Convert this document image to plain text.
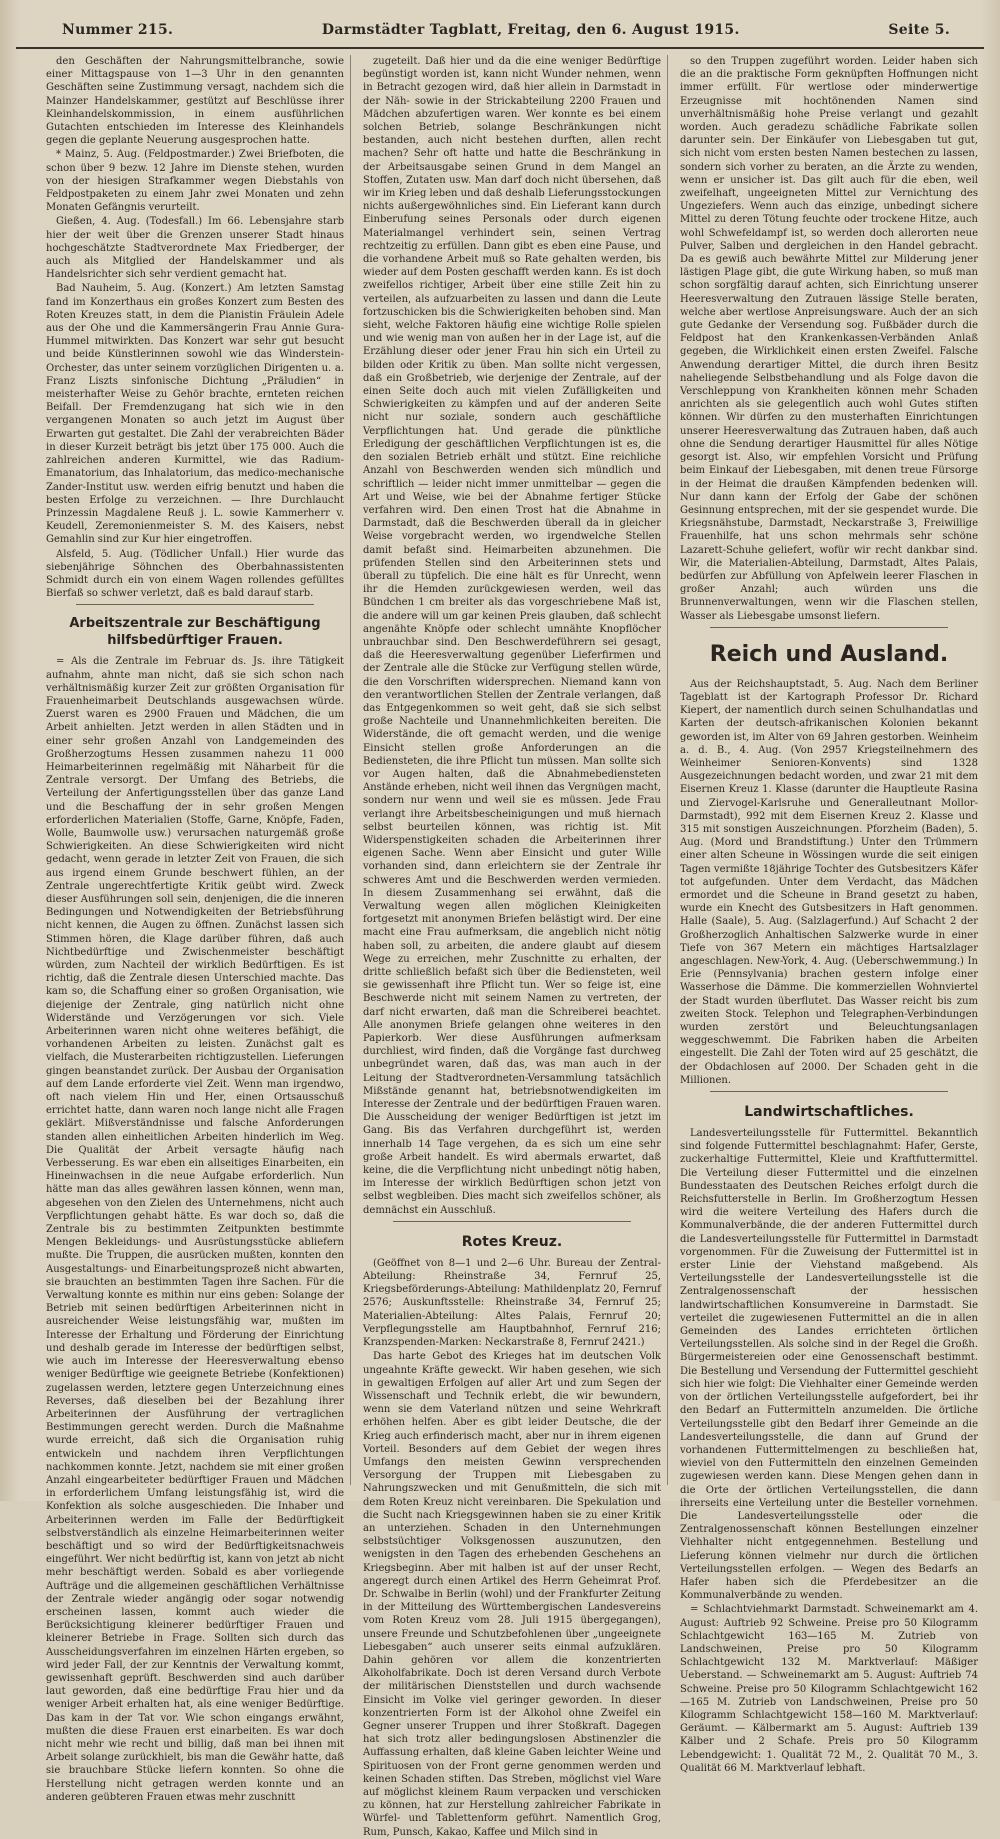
Nummer 215.	Darmstädter Tagblatt, Freitag, den 6. August 1915.	Seite 5.

den Geschäften der Nahrungsmittelbranche, sowie einer Mittagspause von 1—3 Uhr in den genannten Geschäften seine Zustimmung versagt, nachdem sich die Mainzer Handelskammer, gestützt auf Beschlüsse ihrer Kleinhandelskommission, in einem ausführlichen Gutachten entschieden im Interesse des Kleinhandels gegen die geplante Neuerung ausgesprochen hatte.

* Mainz, 5. Aug. (Feldpostmarder.) Zwei Briefboten, die schon über 9 bezw. 12 Jahre im Dienste stehen, wurden von der hiesigen Strafkammer wegen Diebstahls von Feldpostpaketen zu einem Jahr zwei Monaten und zehn Monaten Gefängnis verurteilt.

Gießen, 4. Aug. (Todesfall.) Im 66. Lebensjahre starb hier der weit über die Grenzen unserer Stadt hinaus hochgeschätzte Stadtverordnete Max Friedberger, der auch als Mitglied der Handelskammer und als Handelsrichter sich sehr verdient gemacht hat.

Bad Nauheim, 5. Aug. (Konzert.) Am letzten Samstag fand im Konzerthaus ein großes Konzert zum Besten des Roten Kreuzes statt, in dem die Pianistin Fräulein Adele aus der Ohe und die Kammersängerin Frau Annie Gura-Hummel mitwirkten. Das Konzert war sehr gut besucht und beide Künstlerinnen sowohl wie das Winderstein-Orchester, das unter seinem vorzüglichen Dirigenten u. a. Franz Liszts sinfonische Dichtung „Präludien“ in meisterhafter Weise zu Gehör brachte, ernteten reichen Beifall. Der Fremdenzugang hat sich wie in den vergangenen Monaten so auch jetzt im August über Erwarten gut gestaltet. Die Zahl der verabreichten Bäder in dieser Kurzeit beträgt bis jetzt über 175 000. Auch die zahlreichen anderen Kurmittel, wie das Radium-Emanatorium, das Inhalatorium, das medico-mechanische Zander-Institut usw. werden eifrig benutzt und haben die besten Erfolge zu verzeichnen. — Ihre Durchlaucht Prinzessin Magdalene Reuß j. L. sowie Kammerherr v. Keudell, Zeremonienmeister S. M. des Kaisers, nebst Gemahlin sind zur Kur hier eingetroffen.

Alsfeld, 5. Aug. (Tödlicher Unfall.) Hier wurde das siebenjährige Söhnchen des Oberbahnassistenten Schmidt durch ein von einem Wagen rollendes gefülltes Bierfaß so schwer verletzt, daß es bald darauf starb.

Arbeitszentrale zur Beschäftigung hilfsbedürftiger Frauen.

= Als die Zentrale im Februar ds. Js. ihre Tätigkeit aufnahm, ahnte man nicht, daß sie sich schon nach verhältnismäßig kurzer Zeit zur größten Organisation für Frauenheimarbeit Deutschlands ausgewachsen würde. Zuerst waren es 2900 Frauen und Mädchen, die um Arbeit anhielten. Jetzt werden in allen Städten und in einer sehr großen Anzahl von Landgemeinden des Großherzogtums Hessen zusammen nahezu 11 000 Heimarbeiterinnen regelmäßig mit Näharbeit für die Zentrale versorgt. Der Umfang des Betriebs, die Verteilung der Anfertigungsstellen über das ganze Land und die Beschaffung der in sehr großen Mengen erforderlichen Materialien (Stoffe, Garne, Knöpfe, Faden, Wolle, Baumwolle usw.) verursachen naturgemäß große Schwierigkeiten. An diese Schwierigkeiten wird nicht gedacht, wenn gerade in letzter Zeit von Frauen, die sich aus irgend einem Grunde beschwert fühlen, an der Zentrale ungerechtfertigte Kritik geübt wird. Zweck dieser Ausführungen soll sein, denjenigen, die die inneren Bedingungen und Notwendigkeiten der Betriebsführung nicht kennen, die Augen zu öffnen. Zunächst lassen sich Stimmen hören, die Klage darüber führen, daß auch Nichtbedürftige und Zwischenmeister beschäftigt würden, zum Nachteil der wirklich Bedürftigen. Es ist richtig, daß die Zentrale diesen Unterschied machte. Das kam so, die Schaffung einer so großen Organisation, wie diejenige der Zentrale, ging natürlich nicht ohne Widerstände und Verzögerungen vor sich. Viele Arbeiterinnen waren nicht ohne weiteres befähigt, die vorhandenen Arbeiten zu leisten. Zunächst galt es vielfach, die Musterarbeiten richtigzustellen. Lieferungen gingen beanstandet zurück. Der Ausbau der Organisation auf dem Lande erforderte viel Zeit. Wenn man irgendwo, oft nach vielem Hin und Her, einen Ortsausschuß errichtet hatte, dann waren noch lange nicht alle Fragen geklärt. Mißverständnisse und falsche Anforderungen standen allen einheitlichen Arbeiten hinderlich im Weg. Die Qualität der Arbeit versagte häufig nach Verbesserung. Es war eben ein allseitiges Einarbeiten, ein Hineinwachsen in die neue Aufgabe erforderlich. Nun hätte man das alles gewähren lassen können, wenn man, abgesehen von den Zielen des Unternehmens, nicht auch Verpflichtungen gehabt hätte. Es war doch so, daß die Zentrale bis zu bestimmten Zeitpunkten bestimmte Mengen Bekleidungs- und Ausrüstungsstücke abliefern mußte. Die Truppen, die ausrücken mußten, konnten den Ausgestaltungs- und Einarbeitungsprozeß nicht abwarten, sie brauchten an bestimmten Tagen ihre Sachen. Für die Verwaltung konnte es mithin nur eins geben: Solange der Betrieb mit seinen bedürftigen Arbeiterinnen nicht in ausreichender Weise leistungsfähig war, mußten im Interesse der Erhaltung und Förderung der Einrichtung und deshalb gerade im Interesse der bedürftigen selbst, wie auch im Interesse der Heeresverwaltung ebenso weniger Bedürftige wie geeignete Betriebe (Konfektionen) zugelassen werden, letztere gegen Unterzeichnung eines Reverses, daß dieselben bei der Bezahlung ihrer Arbeiterinnen der Ausführung der vertraglichen Bestimmungen gerecht werden. Durch die Maßnahme wurde erreicht, daß sich die Organisation ruhig entwickeln und nachdem ihren Verpflichtungen nachkommen konnte. Jetzt, nachdem sie mit einer großen Anzahl eingearbeiteter bedürftiger Frauen und Mädchen in erforderlichem Umfang leistungsfähig ist, wird die Konfektion als solche ausgeschieden. Die Inhaber und Arbeiterinnen werden im Falle der Bedürftigkeit selbstverständlich als einzelne Heimarbeiterinnen weiter beschäftigt und so wird der Bedürftigkeitsnachweis eingeführt. Wer nicht bedürftig ist, kann von jetzt ab nicht mehr beschäftigt werden. Sobald es aber vorliegende Aufträge und die allgemeinen geschäftlichen Verhältnisse der Zentrale wieder angängig oder sogar notwendig erscheinen lassen, kommt auch wieder die Berücksichtigung kleinerer bedürftiger Frauen und kleinerer Betriebe in Frage. Sollten sich durch das Ausscheidungsverfahren im einzelnen Härten ergeben, so wird jeder Fall, der zur Kenntnis der Verwaltung kommt, gewissenhaft geprüft. Beschwerden sind auch darüber laut geworden, daß eine bedürftige Frau hier und da weniger Arbeit erhalten hat, als eine weniger Bedürftige. Das kam in der Tat vor. Wie schon eingangs erwähnt, mußten die diese Frauen erst einarbeiten. Es war doch nicht mehr wie recht und billig, daß man bei ihnen mit Arbeit solange zurückhielt, bis man die Gewähr hatte, daß sie brauchbare Stücke liefern konnten. So ohne die Herstellung nicht getragen werden konnte und an anderen geübteren Frauen etwas mehr zuschnitt

zugeteilt. Daß hier und da die eine weniger Bedürftige begünstigt worden ist, kann nicht Wunder nehmen, wenn in Betracht gezogen wird, daß hier allein in Darmstadt in der Näh- sowie in der Strickabteilung 2200 Frauen und Mädchen abzufertigen waren. Wer konnte es bei einem solchen Betrieb, solange Beschränkungen nicht bestanden, auch nicht bestehen durften, allen recht machen? Sehr oft hatte und hatte die Beschränkung in der Arbeitsausgabe seinen Grund in dem Mangel an Stoffen, Zutaten usw. Man darf doch nicht übersehen, daß wir im Krieg leben und daß deshalb Lieferungsstockungen nichts außergewöhnliches sind. Ein Lieferant kann durch Einberufung seines Personals oder durch eigenen Materialmangel verhindert sein, seinen Vertrag rechtzeitig zu erfüllen. Dann gibt es eben eine Pause, und die vorhandene Arbeit muß so Rate gehalten werden, bis wieder auf dem Posten geschafft werden kann. Es ist doch zweifellos richtiger, Arbeit über eine stille Zeit hin zu verteilen, als aufzuarbeiten zu lassen und dann die Leute fortzuschicken bis die Schwierigkeiten behoben sind. Man sieht, welche Faktoren häufig eine wichtige Rolle spielen und wie wenig man von außen her in der Lage ist, auf die Erzählung dieser oder jener Frau hin sich ein Urteil zu bilden oder Kritik zu üben. Man sollte nicht vergessen, daß ein Großbetrieb, wie derjenige der Zentrale, auf der einen Seite doch auch mit vielen Zufälligkeiten und Schwierigkeiten zu kämpfen und auf der anderen Seite nicht nur soziale, sondern auch geschäftliche Verpflichtungen hat. Und gerade die pünktliche Erledigung der geschäftlichen Verpflichtungen ist es, die den sozialen Betrieb erhält und stützt. Eine reichliche Anzahl von Beschwerden wenden sich mündlich und schriftlich — leider nicht immer unmittelbar — gegen die Art und Weise, wie bei der Abnahme fertiger Stücke verfahren wird. Den einen Trost hat die Abnahme in Darmstadt, daß die Beschwerden überall da in gleicher Weise vorgebracht werden, wo irgendwelche Stellen damit befaßt sind. Heimarbeiten abzunehmen. Die prüfenden Stellen sind den Arbeiterinnen stets und überall zu tüpfelich. Die eine hält es für Unrecht, wenn ihr die Hemden zurückgewiesen werden, weil das Bündchen 1 cm breiter als das vorgeschriebene Maß ist, die andere will um gar keinen Preis glauben, daß schlecht angenähte Knöpfe oder schlecht umnähte Knopflöcher unbrauchbar sind. Den Beschwerdeführern sei gesagt, daß die Heeresverwaltung gegenüber Lieferfirmen und der Zentrale alle die Stücke zur Verfügung stellen würde, die den Vorschriften widersprechen. Niemand kann von den verantwortlichen Stellen der Zentrale verlangen, daß das Entgegenkommen so weit geht, daß sie sich selbst große Nachteile und Unannehmlichkeiten bereiten. Die Widerstände, die oft gemacht werden, und die wenige Einsicht stellen große Anforderungen an die Bediensteten, die ihre Pflicht tun müssen. Man sollte sich vor Augen halten, daß die Abnahmebediensteten Anstände erheben, nicht weil ihnen das Vergnügen macht, sondern nur wenn und weil sie es müssen. Jede Frau verlangt ihre Arbeitsbescheinigungen und muß hiernach selbst beurteilen können, was richtig ist. Mit Widerspenstigkeiten schaden die Arbeiterinnen ihrer eigenen Sache. Wenn aber Einsicht und guter Wille vorhanden sind, dann erleichtern sie der Zentrale ihr schweres Amt und die Beschwerden werden vermieden. In diesem Zusammenhang sei erwähnt, daß die Verwaltung wegen allen möglichen Kleinigkeiten fortgesetzt mit anonymen Briefen belästigt wird. Der eine macht eine Frau aufmerksam, die angeblich nicht nötig haben soll, zu arbeiten, die andere glaubt auf diesem Wege zu erreichen, mehr Zuschnitte zu erhalten, der dritte schließlich befaßt sich über die Bediensteten, weil sie gewissenhaft ihre Pflicht tun. Wer so feige ist, eine Beschwerde nicht mit seinem Namen zu vertreten, der darf nicht erwarten, daß man die Schreiberei beachtet. Alle anonymen Briefe gelangen ohne weiteres in den Papierkorb. Wer diese Ausführungen aufmerksam durchliest, wird finden, daß die Vorgänge fast durchweg unbegründet waren, daß das, was man auch in der Leitung der Stadtverordneten-Versammlung tatsächlich Mißstände genannt hat, betriebsnotwendigkeiten im Interesse der Zentrale und der bedürftigen Frauen waren. Die Ausscheidung der weniger Bedürftigen ist jetzt im Gang. Bis das Verfahren durchgeführt ist, werden innerhalb 14 Tage vergehen, da es sich um eine sehr große Arbeit handelt. Es wird abermals erwartet, daß keine, die die Verpflichtung nicht unbedingt nötig haben, im Interesse der wirklich Bedürftigen schon jetzt von selbst wegbleiben. Dies macht sich zweifellos schöner, als demnächst ein Ausschluß.

Rotes Kreuz.

(Geöffnet von 8—1 und 2—6 Uhr. Bureau der Zentral-Abteilung: Rheinstraße 34, Fernruf 25, Kriegsbeförderungs-Abteilung: Mathildenplatz 20, Fernruf 2576; Auskunftsstelle: Rheinstraße 34, Fernruf 25; Materialien-Abteilung: Altes Palais, Fernruf 20; Verpflegungsstelle am Hauptbahnhof, Fernruf 216; Kranzspenden-Marken: Neckarstraße 8, Fernruf 2421.)

Das harte Gebot des Krieges hat im deutschen Volk ungeahnte Kräfte geweckt. Wir haben gesehen, wie sich in gewaltigen Erfolgen auf aller Art und zum Segen der Wissenschaft und Technik erlebt, die wir bewundern, wenn sie dem Vaterland nützen und seine Wehrkraft erhöhen helfen. Aber es gibt leider Deutsche, die der Krieg auch erfinderisch macht, aber nur in ihrem eigenen Vorteil. Besonders auf dem Gebiet der wegen ihres Umfangs den meisten Gewinn versprechenden Versorgung der Truppen mit Liebesgaben zu Nahrungszwecken und mit Genußmitteln, die sich mit dem Roten Kreuz nicht vereinbaren. Die Spekulation und die Sucht nach Kriegsgewinnen haben sie zu einer Kritik an unterziehen. Schaden in den Unternehmungen selbstsüchtiger Volksgenossen auszunutzen, den wenigsten in den Tagen des erhebenden Geschehens an Kriegsbeginn. Aber mit halben ist auf der unser Recht, angeregt durch einen Artikel des Herrn Geheimrat Prof. Dr. Schwalbe in Berlin (wohl) und der Frankfurter Zeitung in der Mitteilung des Württembergischen Landesvereins vom Roten Kreuz vom 28. Juli 1915 übergegangen), unsere Freunde und Schutzbefohlenen über „ungeeignete Liebesgaben“ auch unserer seits einmal aufzuklären. Dahin gehören vor allem die konzentrierten Alkoholfabrikate. Doch ist deren Versand durch Verbote der militärischen Dienststellen und durch wachsende Einsicht im Volke viel geringer geworden. In dieser konzentrierten Form ist der Alkohol ohne Zweifel ein Gegner unserer Truppen und ihrer Stoßkraft. Dagegen hat sich trotz aller bedingungslosen Abstinenzler die Auffassung erhalten, daß kleine Gaben leichter Weine und Spirituosen von der Front gerne genommen werden und keinen Schaden stiften. Das Streben, möglichst viel Ware auf möglichst kleinem Raum verpacken und verschicken zu können, hat zur Herstellung zahlreicher Fabrikate in Würfel- und Tablettenform geführt. Namentlich Grog, Rum, Punsch, Kakao, Kaffee und Milch sind in

so den Truppen zugeführt worden. Leider haben sich die an die praktische Form geknüpften Hoffnungen nicht immer erfüllt. Für wertlose oder minderwertige Erzeugnisse mit hochtönenden Namen sind unverhältnismäßig hohe Preise verlangt und gezahlt worden. Auch geradezu schädliche Fabrikate sollen darunter sein. Der Einkäufer von Liebesgaben tut gut, sich nicht vom ersten besten Namen bestechen zu lassen, sondern sich vorher zu beraten, an die Ärzte zu wenden, wenn er unsicher ist. Das gilt auch für die eben, weil zweifelhaft, ungeeigneten Mittel zur Vernichtung des Ungeziefers. Wenn auch das einzige, unbedingt sichere Mittel zu deren Tötung feuchte oder trockene Hitze, auch wohl Schwefeldampf ist, so werden doch allerorten neue Pulver, Salben und dergleichen in den Handel gebracht. Da es gewiß auch bewährte Mittel zur Milderung jener lästigen Plage gibt, die gute Wirkung haben, so muß man schon sorgfältig darauf achten, sich Einrichtung unserer Heeresverwaltung den Zutrauen lässige Stelle beraten, welche aber wertlose Anpreisungsware. Auch der an sich gute Gedanke der Versendung sog. Fußbäder durch die Feldpost hat den Krankenkassen-Verbänden Anlaß gegeben, die Wirklichkeit einen ersten Zweifel. Falsche Anwendung derartiger Mittel, die durch ihren Besitz naheliegende Selbstbehandlung und als Folge davon die Verschleppung von Krankheiten können mehr Schaden anrichten als sie gelegentlich auch wohl Gutes stiften können. Wir dürfen zu den musterhaften Einrichtungen unserer Heeresverwaltung das Zutrauen haben, daß auch ohne die Sendung derartiger Hausmittel für alles Nötige gesorgt ist. Also, wir empfehlen Vorsicht und Prüfung beim Einkauf der Liebesgaben, mit denen treue Fürsorge in der Heimat die draußen Kämpfenden bedenken will. Nur dann kann der Erfolg der Gabe der schönen Gesinnung entsprechen, mit der sie gespendet wurde. Die Kriegsnähstube, Darmstadt, Neckarstraße 3, Freiwillige Frauenhilfe, hat uns schon mehrmals sehr schöne Lazarett-Schuhe geliefert, wofür wir recht dankbar sind. Wir, die Materialien-Abteilung, Darmstadt, Altes Palais, bedürfen zur Abfüllung von Apfelwein leerer Flaschen in großer Anzahl; auch würden uns die Brunnenverwaltungen, wenn wir die Flaschen stellen, Wasser als Liebesgabe umsonst liefern.

Reich und Ausland.

Aus der Reichshauptstadt, 5. Aug. Nach dem Berliner Tageblatt ist der Kartograph Professor Dr. Richard Kiepert, der namentlich durch seinen Schulhandatlas und Karten der deutsch-afrikanischen Kolonien bekannt geworden ist, im Alter von 69 Jahren gestorben. Weinheim a. d. B., 4. Aug. (Von 2957 Kriegsteilnehmern des Weinheimer Senioren-Konvents) sind 1328 Ausgezeichnungen bedacht worden, und zwar 21 mit dem Eisernen Kreuz 1. Klasse (darunter die Hauptleute Rasina und Ziervogel-Karlsruhe und Generalleutnant Mollor-Darmstadt), 992 mit dem Eisernen Kreuz 2. Klasse und 315 mit sonstigen Auszeichnungen. Pforzheim (Baden), 5. Aug. (Mord und Brandstiftung.) Unter den Trümmern einer alten Scheune in Wössingen wurde die seit einigen Tagen vermißte 18jährige Tochter des Gutsbesitzers Käfer tot aufgefunden. Unter dem Verdacht, das Mädchen ermordet und die Scheune in Brand gesetzt zu haben, wurde ein Knecht des Gutsbesitzers in Haft genommen. Halle (Saale), 5. Aug. (Salzlagerfund.) Auf Schacht 2 der Großherzoglich Anhaltischen Salzwerke wurde in einer Tiefe von 367 Metern ein mächtiges Hartsalzlager angeschlagen. New-York, 4. Aug. (Ueberschwemmung.) In Erie (Pennsylvania) brachen gestern infolge einer Wasserhose die Dämme. Die kommerziellen Wohnviertel der Stadt wurden überflutet. Das Wasser reicht bis zum zweiten Stock. Telephon und Telegraphen-Verbindungen wurden zerstört und Beleuchtungsanlagen weggeschwemmt. Die Fabriken haben die Arbeiten eingestellt. Die Zahl der Toten wird auf 25 geschätzt, die der Obdachlosen auf 2000. Der Schaden geht in die Millionen.

Landwirtschaftliches.

Landesverteilungsstelle für Futtermittel. Bekanntlich sind folgende Futtermittel beschlagnahmt: Hafer, Gerste, zuckerhaltige Futtermittel, Kleie und Kraftfuttermittel. Die Verteilung dieser Futtermittel und die einzelnen Bundesstaaten des Deutschen Reiches erfolgt durch die Reichsfutterstelle in Berlin. Im Großherzogtum Hessen wird die weitere Verteilung des Hafers durch die Kommunalverbände, die der anderen Futtermittel durch die Landesverteilungsstelle für Futtermittel in Darmstadt vorgenommen. Für die Zuweisung der Futtermittel ist in erster Linie der Viehstand maßgebend. Als Verteilungsstelle der Landesverteilungsstelle ist die Zentralgenossenschaft der hessischen landwirtschaftlichen Konsumvereine in Darmstadt. Sie verteilet die zugewiesenen Futtermittel an die in allen Gemeinden des Landes errichteten örtlichen Verteilungsstellen. Als solche sind in der Regel die Großh. Bürgermeistereien oder eine Genossenschaft bestimmt. Die Bestellung und Versendung der Futtermittel geschieht sich hier wie folgt: Die Viehhalter einer Gemeinde werden von der örtlichen Verteilungsstelle aufgefordert, bei ihr den Bedarf an Futtermitteln anzumelden. Die örtliche Verteilungsstelle gibt den Bedarf ihrer Gemeinde an die Landesverteilungsstelle, die dann auf Grund der vorhandenen Futtermittelmengen zu beschließen hat, wieviel von den Futtermitteln den einzelnen Gemeinden zugewiesen werden kann. Diese Mengen gehen dann in die Orte der örtlichen Verteilungsstellen, die dann ihrerseits eine Verteilung unter die Besteller vornehmen. Die Landesverteilungsstelle oder die Zentralgenossenschaft können Bestellungen einzelner Viehhalter nicht entgegennehmen. Bestellung und Lieferung können vielmehr nur durch die örtlichen Verteilungsstellen erfolgen. — Wegen des Bedarfs an Hafer haben sich die Pferdebesitzer an die Kommunalverbände zu wenden.

= Schlachtviehmarkt Darmstadt. Schweinemarkt am 4. August: Auftrieb 92 Schweine. Preise pro 50 Kilogramm Schlachtgewicht 163—165 M. Zutrieb von Landschweinen, Preise pro 50 Kilogramm Schlachtgewicht 132 M. Marktverlauf: Mäßiger Ueberstand. — Schweinemarkt am 5. August: Auftrieb 74 Schweine. Preise pro 50 Kilogramm Schlachtgewicht 162—165 M. Zutrieb von Landschweinen, Preise pro 50 Kilogramm Schlachtgewicht 158—160 M. Marktverlauf: Geräumt. — Kälbermarkt am 5. August: Auftrieb 139 Kälber und 2 Schafe. Preis pro 50 Kilogramm Lebendgewicht: 1. Qualität 72 M., 2. Qualität 70 M., 3. Qualität 66 M. Marktverlauf lebhaft.
